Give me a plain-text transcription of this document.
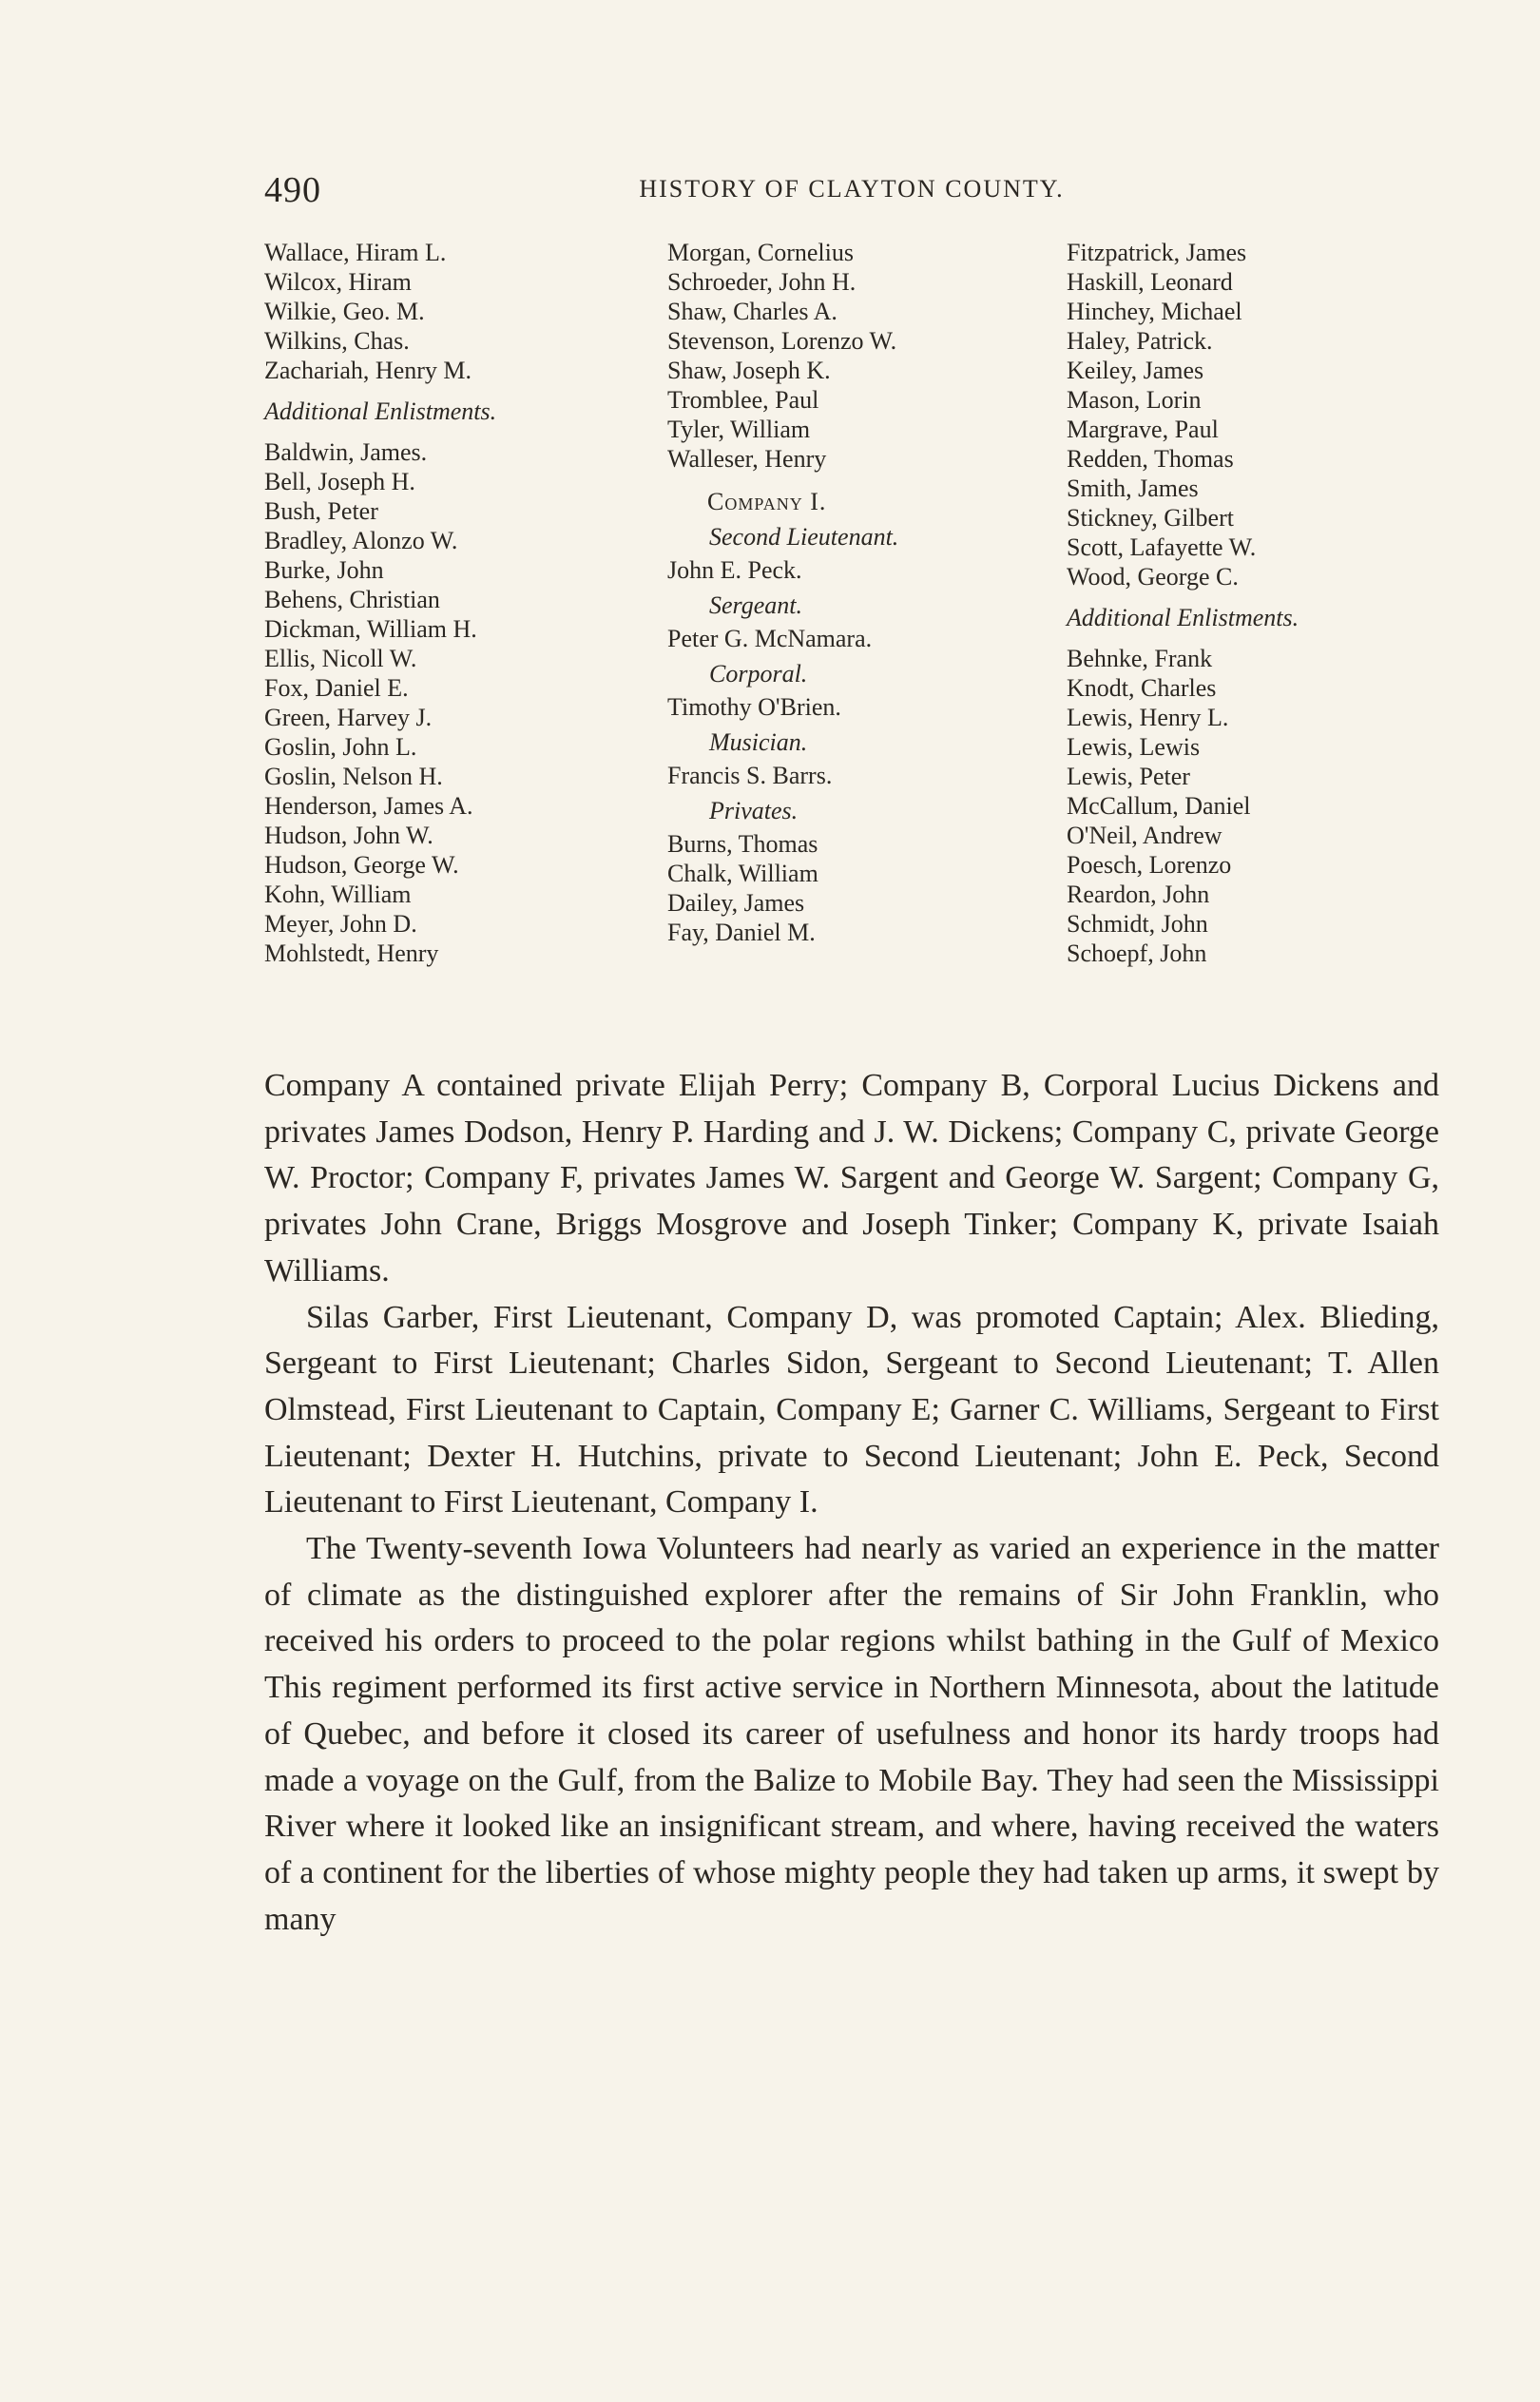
490	HISTORY OF CLAYTON COUNTY.
Wallace, Hiram L.
Wilcox, Hiram
Wilkie, Geo. M.
Wilkins, Chas.
Zachariah, Henry M.
Additional Enlistments.
Baldwin, James.
Bell, Joseph H.
Bush, Peter
Bradley, Alonzo W.
Burke, John
Behens, Christian
Dickman, William H.
Ellis, Nicoll W.
Fox, Daniel E.
Green, Harvey J.
Goslin, John L.
Goslin, Nelson H.
Henderson, James A.
Hudson, John W.
Hudson, George W.
Kohn, William
Meyer, John D.
Mohlstedt, Henry
Morgan, Cornelius
Schroeder, John H.
Shaw, Charles A.
Stevenson, Lorenzo W.
Shaw, Joseph K.
Tromblee, Paul
Tyler, William
Walleser, Henry
Company I.
Second Lieutenant.
John E. Peck.
Sergeant.
Peter G. McNamara.
Corporal.
Timothy O'Brien.
Musician.
Francis S. Barrs.
Privates.
Burns, Thomas
Chalk, William
Dailey, James
Fay, Daniel M.
Fitzpatrick, James
Haskill, Leonard
Hinchey, Michael
Haley, Patrick.
Keiley, James
Mason, Lorin
Margrave, Paul
Redden, Thomas
Smith, James
Stickney, Gilbert
Scott, Lafayette W.
Wood, George C.
Additional Enlistments.
Behnke, Frank
Knodt, Charles
Lewis, Henry L.
Lewis, Lewis
Lewis, Peter
McCallum, Daniel
O'Neil, Andrew
Poesch, Lorenzo
Reardon, John
Schmidt, John
Schoepf, John

Company A contained private Elijah Perry; Company B, Corporal Lucius Dickens and privates James Dodson, Henry P. Harding and J. W. Dickens; Company C, private George W. Proctor; Company F, privates James W. Sargent and George W. Sargent; Company G, privates John Crane, Briggs Mosgrove and Joseph Tinker; Company K, private Isaiah Williams.

Silas Garber, First Lieutenant, Company D, was promoted Captain; Alex. Blieding, Sergeant to First Lieutenant; Charles Sidon, Sergeant to Second Lieutenant; T. Allen Olmstead, First Lieutenant to Captain, Company E; Garner C. Williams, Sergeant to First Lieutenant; Dexter H. Hutchins, private to Second Lieutenant; John E. Peck, Second Lieutenant to First Lieutenant, Company I.

The Twenty-seventh Iowa Volunteers had nearly as varied an experience in the matter of climate as the distinguished explorer after the remains of Sir John Franklin, who received his orders to proceed to the polar regions whilst bathing in the Gulf of Mexico This regiment performed its first active service in Northern Minnesota, about the latitude of Quebec, and before it closed its career of usefulness and honor its hardy troops had made a voyage on the Gulf, from the Balize to Mobile Bay. They had seen the Mississippi River where it looked like an insignificant stream, and where, having received the waters of a continent for the liberties of whose mighty people they had taken up arms, it swept by many
